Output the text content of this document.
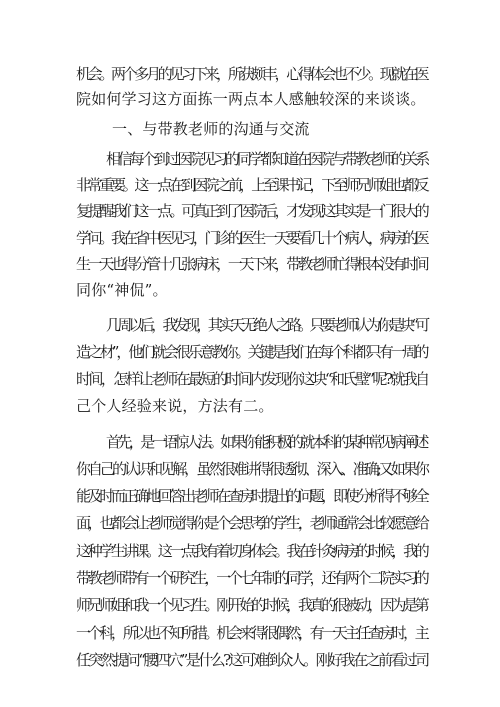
机会。两个多月的见习下来，所获颇丰，心得体会也不少。现就在医
院如何学习这方面拣一两点本人感触较深的来谈谈。
一、与带教老师的沟通与交流
相信每个到过医院见习的同学都知道在医院与带教老师的关系
非常重要。这一点在到医院之前，上至课书记，下至师兄师姐也都反
复提醒我们这一点。可真正到了医院后，才发现这其实是一门很大的
学问。我在省中医见习，门诊的医生一天要看几十个病人，病房的医
生一天也得分管十几张病床，一天下来，带教老师忙得根本没有时间
同你“神侃”。
几周以后，我发现，其实天无绝人之路。只要老师认为你是块“可
造之材”，他们就会很乐意教你。关键是我们在每个科都只有一周的
时间，怎样让老师在最短的时间内发现你这块“和氏璧”呢?就我自
己个人经验来说，方法有二。
首先，是一语惊人法。如果你能积极的就本科的某种常见病阐述
你自己的认识和见解，虽然很难讲得很透彻、深入、准确;又如果你
能及时而正确地回答出老师在查房时提出的问题，即使分析得不够全
面，也都会让老师觉得你是个会思考的学生，老师通常会比较愿意给
这种学生讲课。这一点我有着切身体会。我在针灸病房的时候，我的
带教老师带有一个研究生，一个七年制的同学，还有两个二院实习的
师兄师姐和我一个见习生。刚开始的时候，我真的很被动，因为是第
一个科，所以也不知所措。机会来得很偶然，有一天主任查房时，主
任突然提问“腰四穴”是什么?这可难倒众人。刚好我在之前看过司
